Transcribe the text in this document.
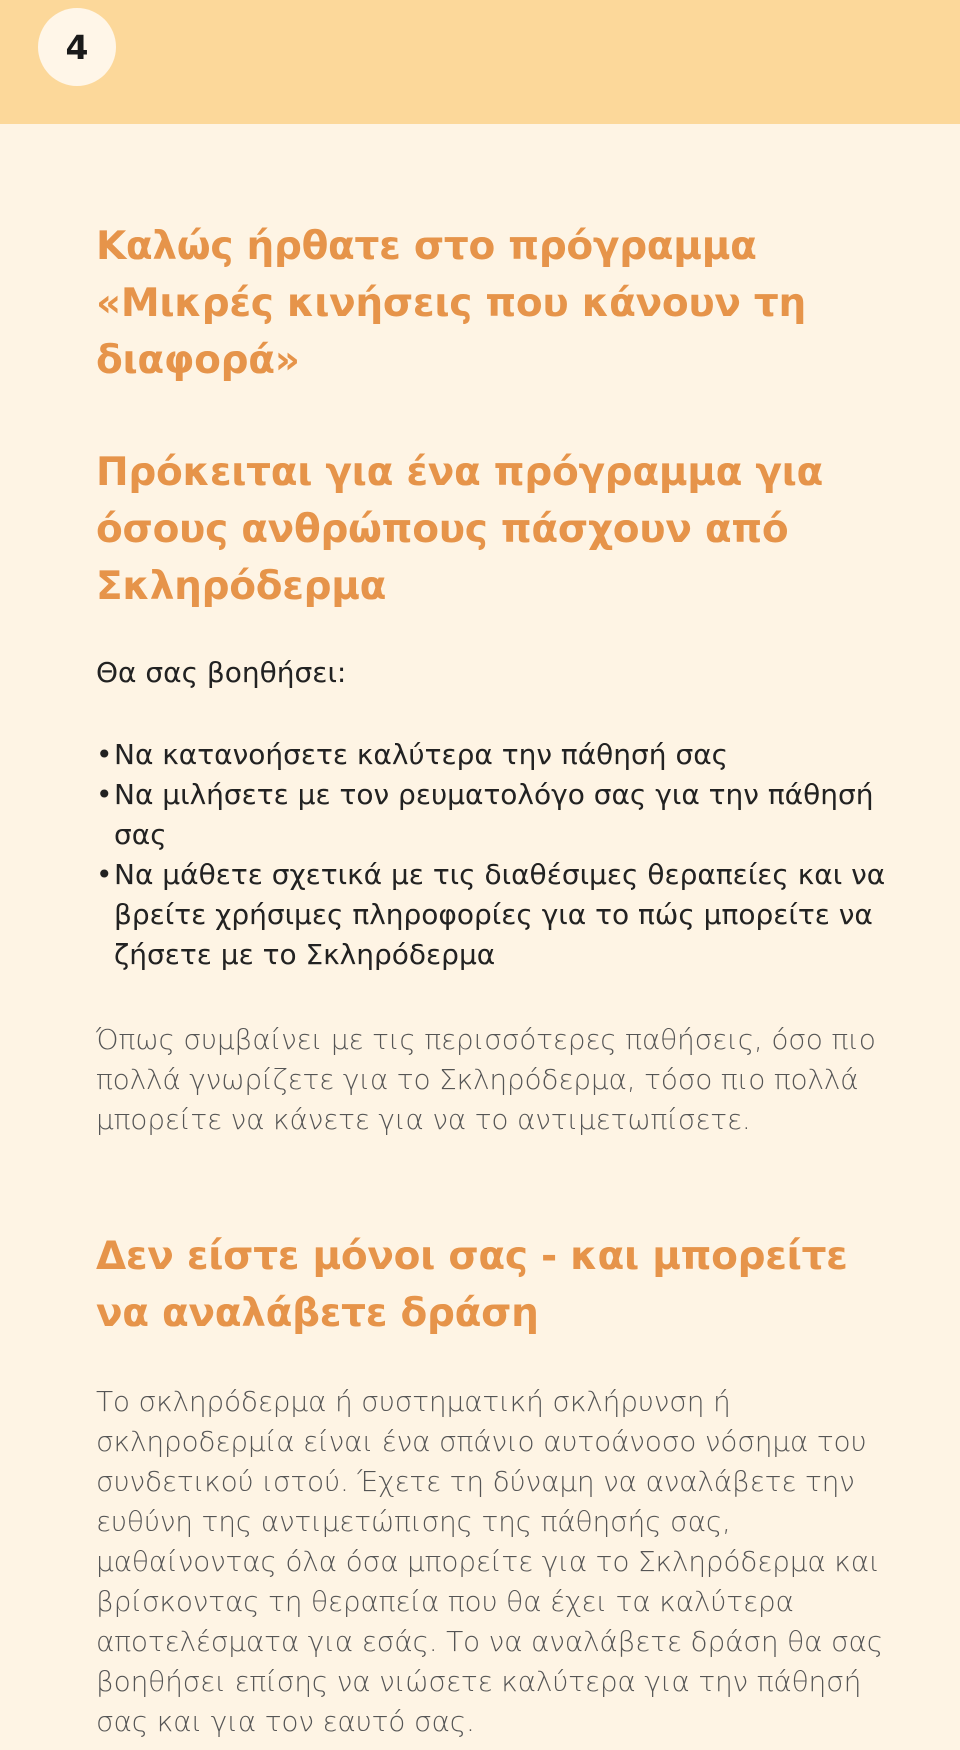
4
Καλώς ήρθατε στο πρόγραμμα «Μικρές κινήσεις που κάνουν τη διαφορά»
Πρόκειται για ένα πρόγραμμα για όσους ανθρώπους πάσχουν από Σκληρόδερμα

Θα σας βοηθήσει:

• Να κατανοήσετε καλύτερα την πάθησή σας
• Να μιλήσετε με τον ρευματολόγο σας για την πάθησή σας
• Να μάθετε σχετικά με τις διαθέσιμες θεραπείες και να βρείτε χρήσιμες πληροφορίες για το πώς μπορείτε να ζήσετε με το Σκληρόδερμα

Όπως συμβαίνει με τις περισσότερες παθήσεις, όσο πιο πολλά γνωρίζετε για το Σκληρόδερμα, τόσο πιο πολλά μπορείτε να κάνετε για να το αντιμετωπίσετε.

Δεν είστε μόνοι σας - και μπορείτε να αναλάβετε δράση

Το σκληρόδερμα ή συστηματική σκλήρυνση ή σκληροδερμία είναι ένα σπάνιο αυτοάνοσο νόσημα του συνδετικού ιστού. Έχετε τη δύναμη να αναλάβετε την ευθύνη της αντιμετώπισης της πάθησής σας, μαθαίνοντας όλα όσα μπορείτε για το Σκληρόδερμα και βρίσκοντας τη θεραπεία που θα έχει τα καλύτερα αποτελέσματα για εσάς. Το να αναλάβετε δράση θα σας βοηθήσει επίσης να νιώσετε καλύτερα για την πάθησή σας και για τον εαυτό σας.
